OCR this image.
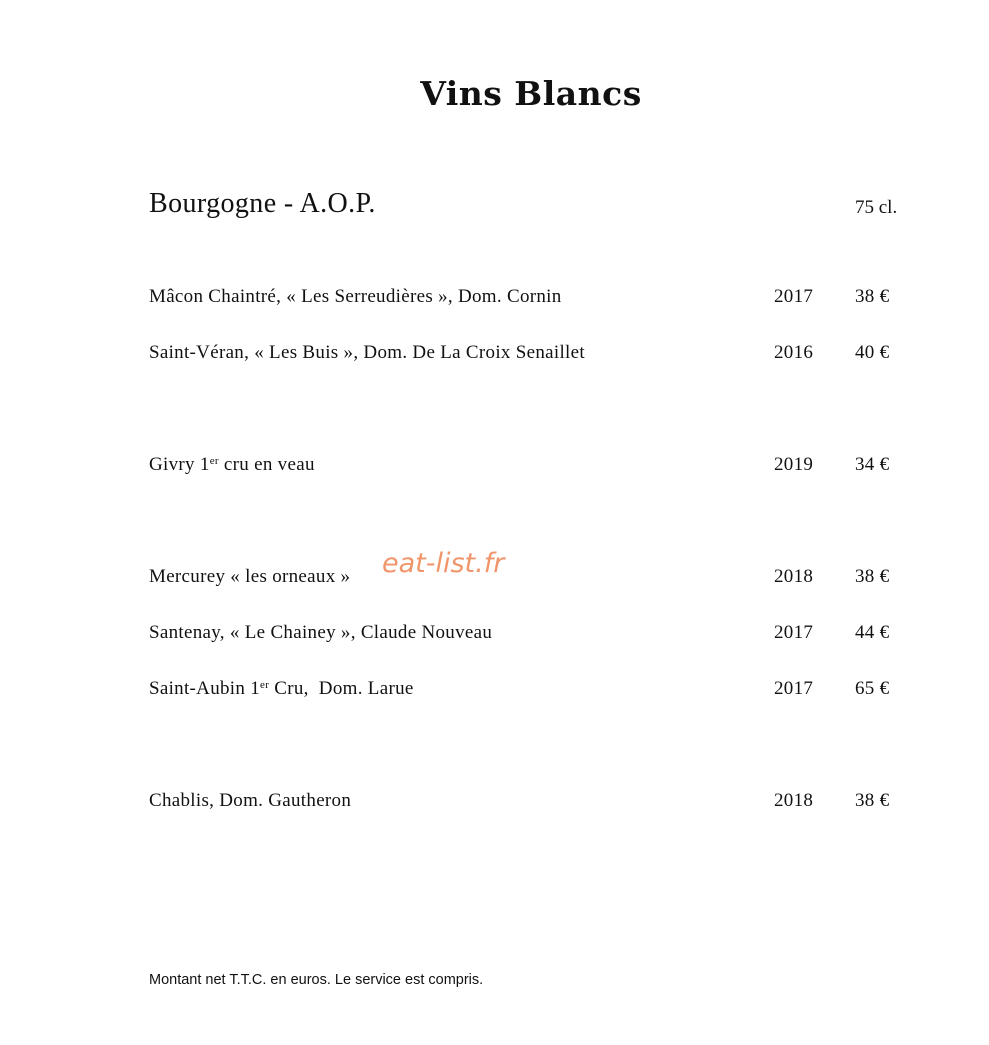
Vins Blancs
Bourgogne - A.O.P.	75 cl.
Mâcon Chaintré, « Les Serreudières », Dom. Cornin	2017 38 €
Saint-Véran, « Les Buis », Dom. De La Croix Senaillet	2016 40 €
Givry 1er cru en veau	2019 34 €
Mercurey « les orneaux »	2018 38 €
Santenay, « Le Chainey », Claude Nouveau	2017 44 €
Saint-Aubin 1er Cru,  Dom. Larue	2017 65 €
Chablis, Dom. Gautheron	2018 38 €
eat-list.fr
Montant net T.T.C. en euros. Le service est compris.
